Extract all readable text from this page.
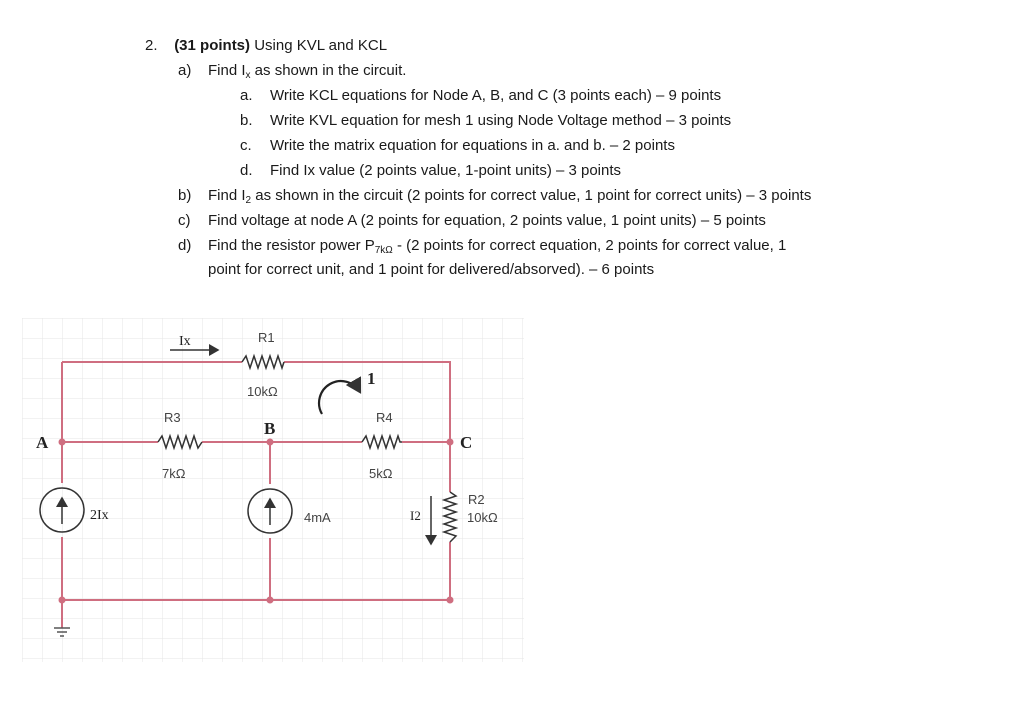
2. (31 points) Using KVL and KCL
a) Find $I_x$ as shown in the circuit.
a. Write KCL equations for Node A, B, and C (3 points each) – 9 points
b. Write KVL equation for mesh 1 using Node Voltage method – 3 points
c. Write the matrix equation for equations in a. and b. – 2 points
d. Find Ix value (2 points value, 1-point units) – 3 points
b) Find $I_2$ as shown in the circuit (2 points for correct value, 1 point for correct units) – 3 points
c) Find voltage at node A (2 points for equation, 2 points value, 1 point units) – 5 points
d) Find the resistor power $P_{7k\Omega} - (2$ points for correct equation, 2 points for correct value, 1
point for correct unit, and 1 point for delivered/absorved). – 6 points
Ix	R1
10kΩ
R3
7kΩ
R4
5kΩ
R2
10kΩ
A
B
C
1
2Ix	4mA	I2
